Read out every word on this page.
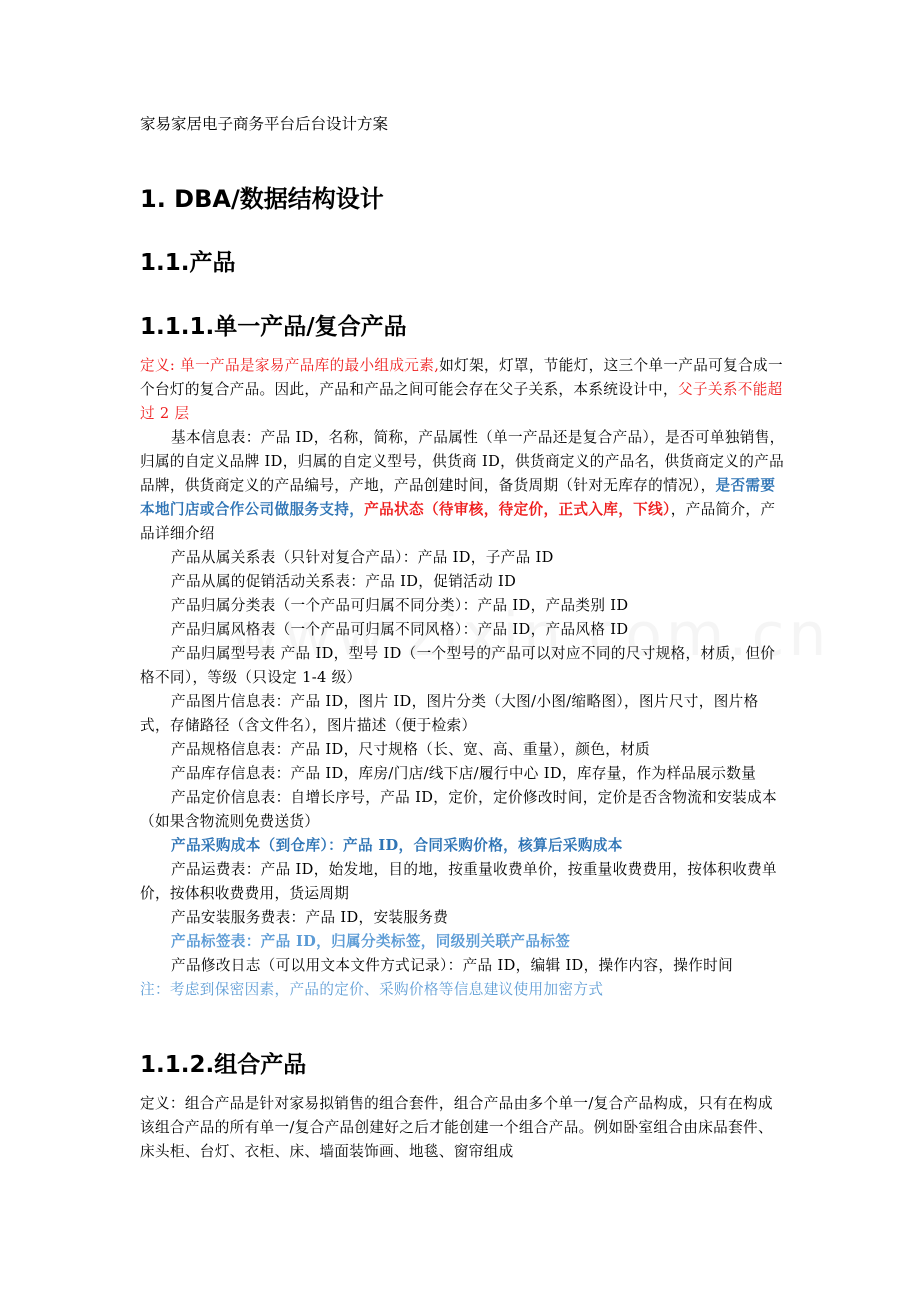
家易家居电子商务平台后台设计方案

1. DBA/数据结构设计
1.1.产品
1.1.1.单一产品/复合产品

定义: 单一产品是家易产品库的最小组成元素,如灯架，灯罩，节能灯，这三个单一产品可复合成一个台灯的复合产品。因此，产品和产品之间可能会存在父子关系，本系统设计中，父子关系不能超过 2 层

基本信息表：产品 ID，名称，简称，产品属性（单一产品还是复合产品），是否可单独销售，归属的自定义品牌 ID，归属的自定义型号，供货商 ID，供货商定义的产品名，供货商定义的产品品牌，供货商定义的产品编号，产地，产品创建时间，备货周期（针对无库存的情况），是否需要本地门店或合作公司做服务支持，产品状态（待审核，待定价，正式入库，下线），产品简介，产品详细介绍

产品从属关系表（只针对复合产品）：产品 ID，子产品 ID

产品从属的促销活动关系表：产品 ID，促销活动 ID

产品归属分类表（一个产品可归属不同分类）：产品 ID，产品类别 ID

产品归属风格表（一个产品可归属不同风格）：产品 ID，产品风格 ID

产品归属型号表 产品 ID，型号 ID（一个型号的产品可以对应不同的尺寸规格，材质，但价格不同），等级（只设定 1-4 级）

产品图片信息表：产品 ID，图片 ID，图片分类（大图/小图/缩略图），图片尺寸，图片格式，存储路径（含文件名），图片描述（便于检索）

产品规格信息表：产品 ID，尺寸规格（长、宽、高、重量），颜色，材质

产品库存信息表：产品 ID，库房/门店/线下店/履行中心 ID，库存量，作为样品展示数量

产品定价信息表：自增长序号，产品 ID，定价，定价修改时间，定价是否含物流和安装成本（如果含物流则免费送货）

产品采购成本（到仓库）：产品 ID，合同采购价格，核算后采购成本

产品运费表：产品 ID，始发地，目的地，按重量收费单价，按重量收费费用，按体积收费单价，按体积收费费用，货运周期

产品安装服务费表：产品 ID，安装服务费

产品标签表：产品 ID，归属分类标签，同级别关联产品标签

产品修改日志（可以用文本文件方式记录）：产品 ID，编辑 ID，操作内容，操作时间

注：考虑到保密因素，产品的定价、采购价格等信息建议使用加密方式

1.1.2.组合产品

定义：组合产品是针对家易拟销售的组合套件，组合产品由多个单一/复合产品构成，只有在构成该组合产品的所有单一/复合产品创建好之后才能创建一个组合产品。例如卧室组合由床品套件、床头柜、台灯、衣柜、床、墙面装饰画、地毯、窗帘组成
